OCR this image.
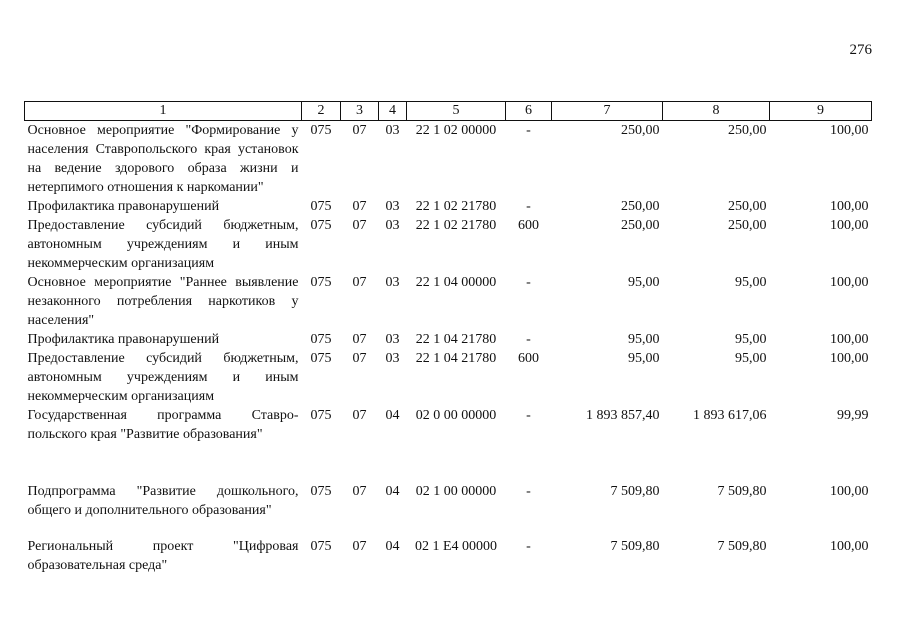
276
1	2	3	4	5	6	7	8	9
Основное мероприятие "Формирование у населения Ставропольского края установок на ведение здорового образа жизни и нетерпимого отношения к наркомании"	075	07	03	22 1 02 00000	-	250,00	250,00	100,00
Профилактика правонарушений	075	07	03	22 1 02 21780	-	250,00	250,00	100,00
Предоставление субсидий бюджетным, автономным учреждениям и иным некоммерческим организациям	075	07	03	22 1 02 21780	600	250,00	250,00	100,00
Основное мероприятие "Раннее выявление незаконного потребления наркотиков у населения"	075	07	03	22 1 04 00000	-	95,00	95,00	100,00
Профилактика правонарушений	075	07	03	22 1 04 21780	-	95,00	95,00	100,00
Предоставление субсидий бюджетным, автономным учреждениям и иным некоммерческим организациям	075	07	03	22 1 04 21780	600	95,00	95,00	100,00
Государственная программа Ставро-польского края "Развитие образования"	075	07	04	02 0 00 00000	-	1 893 857,40	1 893 617,06	99,99
Подпрограмма "Развитие дошкольного, общего и дополнительного образования"	075	07	04	02 1 00 00000	-	7 509,80	7 509,80	100,00
Региональный проект "Цифровая образовательная среда"	075	07	04	02 1 E4 00000	-	7 509,80	7 509,80	100,00
